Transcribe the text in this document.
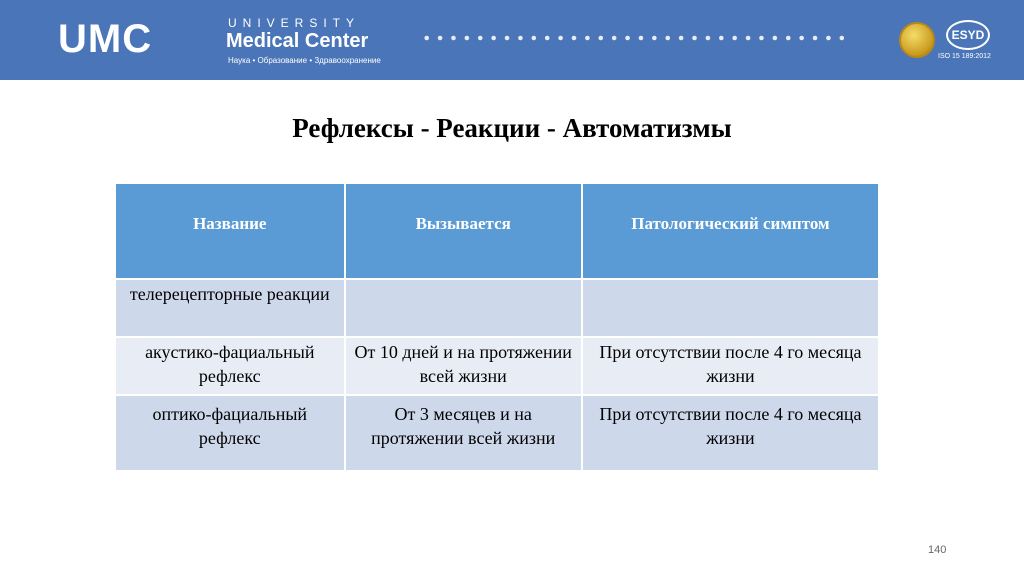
UMC	UNIVERSITY
Medical Center
Наука • Образование • Здравоохранение
ESYD
ISO 15 189:2012
Рефлексы - Реакции - Автоматизмы
Название	Вызывается	Патологический симптом
телерецепторные реакции		
акустико-фациальный рефлекс	От 10 дней и на протяжении всей жизни	При отсутствии после 4 го месяца жизни
оптико-фациальный рефлекс	От 3 месяцев и на протяжении всей жизни	При отсутствии после 4 го месяца жизни
140
